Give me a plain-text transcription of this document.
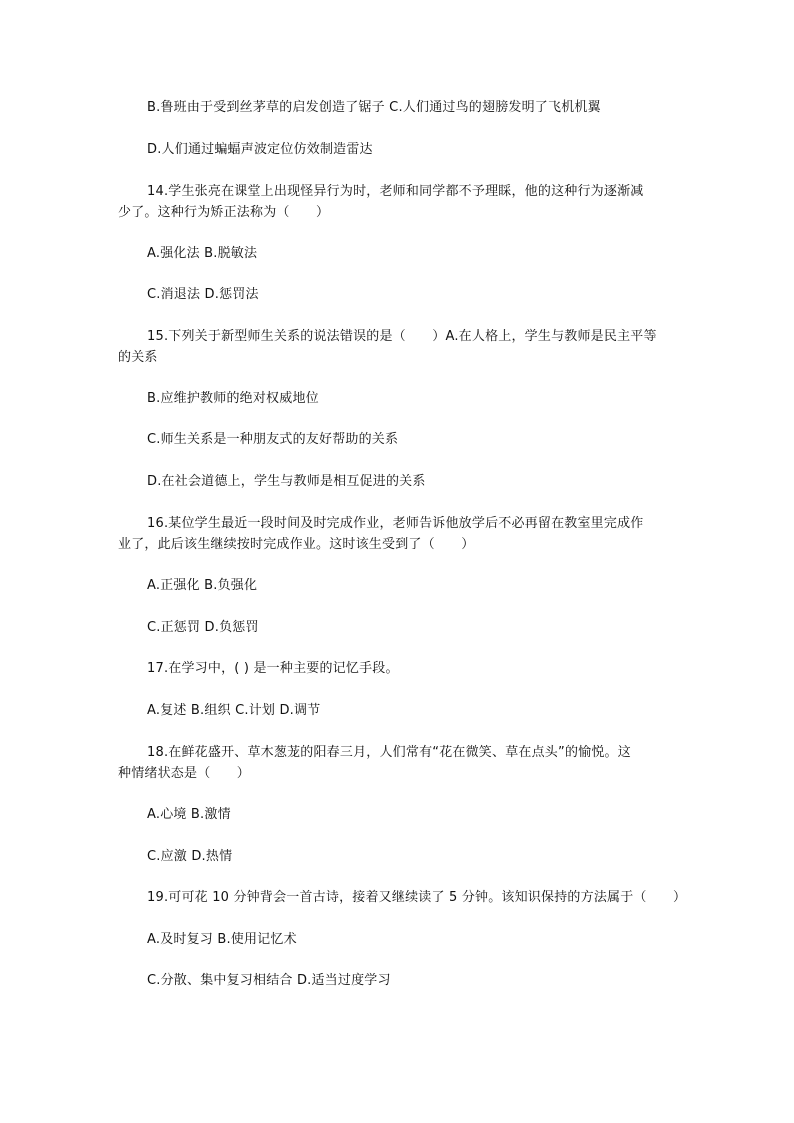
B.鲁班由于受到丝茅草的启发创造了锯子 C.人们通过鸟的翅膀发明了飞机机翼
D.人们通过蝙蝠声波定位仿效制造雷达
14.学生张亮在课堂上出现怪异行为时，老师和同学都不予理睬，他的这种行为逐渐减
少了。这种行为矫正法称为（　　）
A.强化法 B.脱敏法
C.消退法 D.惩罚法
15.下列关于新型师生关系的说法错误的是（　　）A.在人格上，学生与教师是民主平等
的关系
B.应维护教师的绝对权威地位
C.师生关系是一种朋友式的友好帮助的关系
D.在社会道德上，学生与教师是相互促进的关系
16.某位学生最近一段时间及时完成作业，老师告诉他放学后不必再留在教室里完成作
业了，此后该生继续按时完成作业。这时该生受到了（　　）
A.正强化 B.负强化
C.正惩罚 D.负惩罚
17.在学习中，( ) 是一种主要的记忆手段。
A.复述 B.组织 C.计划 D.调节
18.在鲜花盛开、草木葱茏的阳春三月，人们常有“花在微笑、草在点头”的愉悦。这
种情绪状态是（　　）
A.心境 B.激情
C.应激 D.热情
19.可可花 10 分钟背会一首古诗，接着又继续读了 5 分钟。该知识保持的方法属于（　　）
A.及时复习 B.使用记忆术
C.分散、集中复习相结合 D.适当过度学习
